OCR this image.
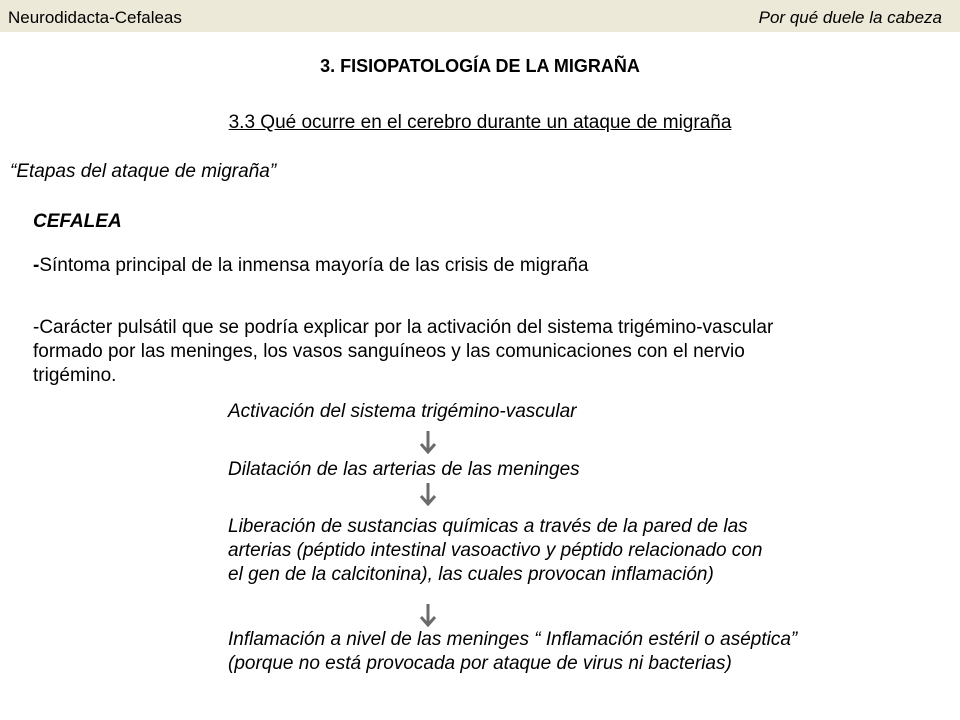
Neurodidacta-Cefaleas	Por qué duele la cabeza
3. FISIOPATOLOGÍA DE LA MIGRAÑA
3.3 Qué ocurre en el cerebro durante un ataque de migraña
“Etapas del ataque de migraña”
CEFALEA
-Síntoma principal de la inmensa mayoría de las crisis de migraña
-Carácter pulsátil que se podría explicar por la activación del sistema trigémino-vascular
formado por las meninges, los vasos sanguíneos y las comunicaciones con el nervio
trigémino.
Activación del sistema trigémino-vascular
Dilatación de las arterias de las meninges
Liberación de sustancias químicas a través de la pared de las
arterias (péptido intestinal vasoactivo y péptido relacionado con
el gen de la calcitonina), las cuales provocan inflamación)
Inflamación a nivel de las meninges “ Inflamación estéril o aséptica”
(porque no está provocada por ataque de virus ni bacterias)
